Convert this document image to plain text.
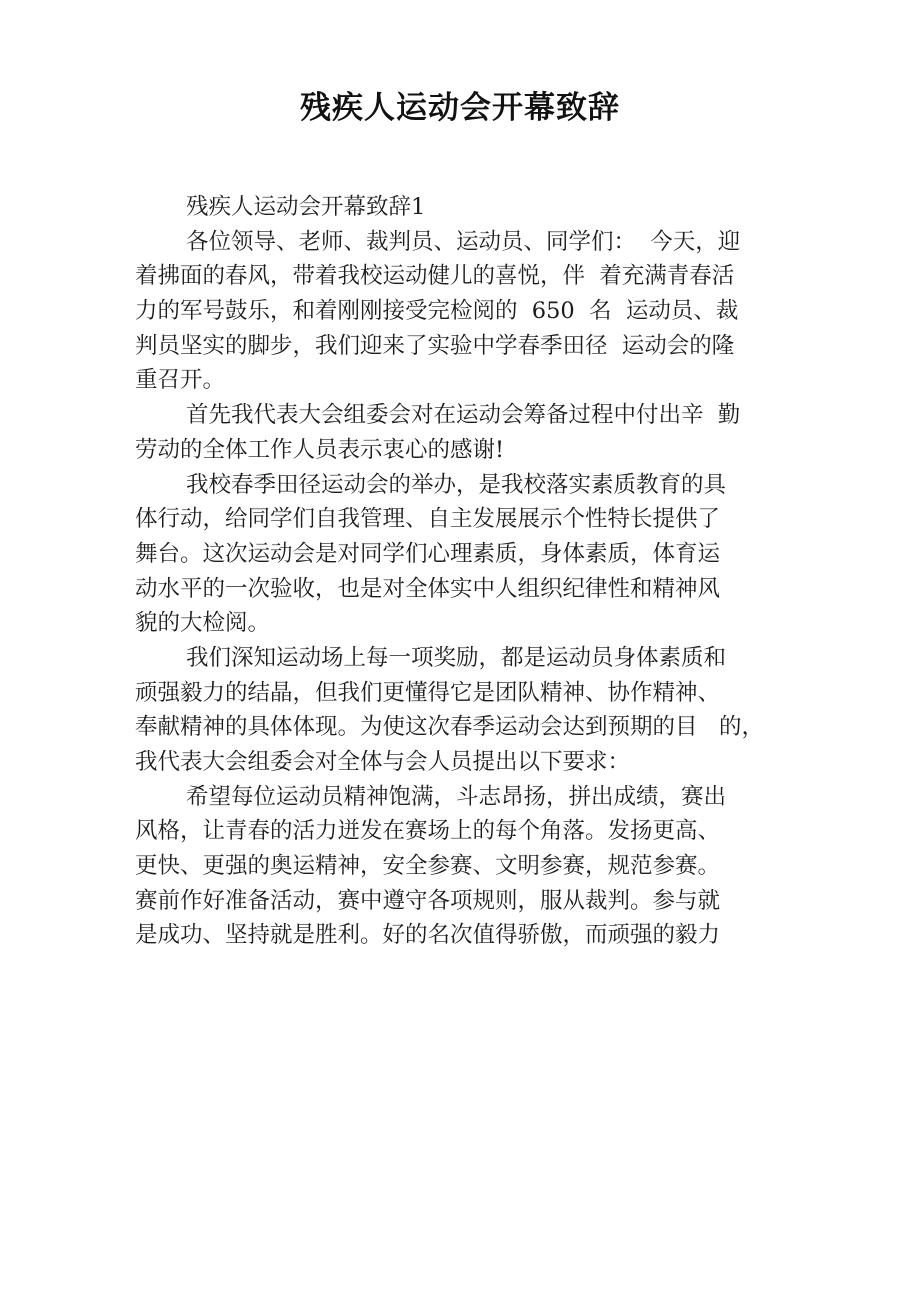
残疾人运动会开幕致辞
残疾人运动会开幕致辞1
各位领导、老师、裁判员、运动员、同学们：  今天，迎
着拂面的春风，带着我校运动健儿的喜悦，伴  着充满青春活
力的军号鼓乐，和着刚刚接受完检阅的  650  名  运动员、裁
判员坚实的脚步，我们迎来了实验中学春季田径  运动会的隆
重召开。
首先我代表大会组委会对在运动会筹备过程中付出辛  勤
劳动的全体工作人员表示衷心的感谢!
我校春季田径运动会的举办，是我校落实素质教育的具
体行动，给同学们自我管理、自主发展展示个性特长提供了
舞台。这次运动会是对同学们心理素质，身体素质，体育运
动水平的一次验收，也是对全体实中人组织纪律性和精神风
貌的大检阅。
我们深知运动场上每一项奖励，都是运动员身体素质和
顽强毅力的结晶，但我们更懂得它是团队精神、协作精神、
奉献精神的具体体现。为使这次春季运动会达到预期的目   的，
我代表大会组委会对全体与会人员提出以下要求：
希望每位运动员精神饱满，斗志昂扬，拼出成绩，赛出
风格，让青春的活力迸发在赛场上的每个角落。发扬更高、
更快、更强的奥运精神，安全参赛、文明参赛，规范参赛。
赛前作好准备活动，赛中遵守各项规则，服从裁判。参与就
是成功、坚持就是胜利。好的名次值得骄傲，而顽强的毅力
